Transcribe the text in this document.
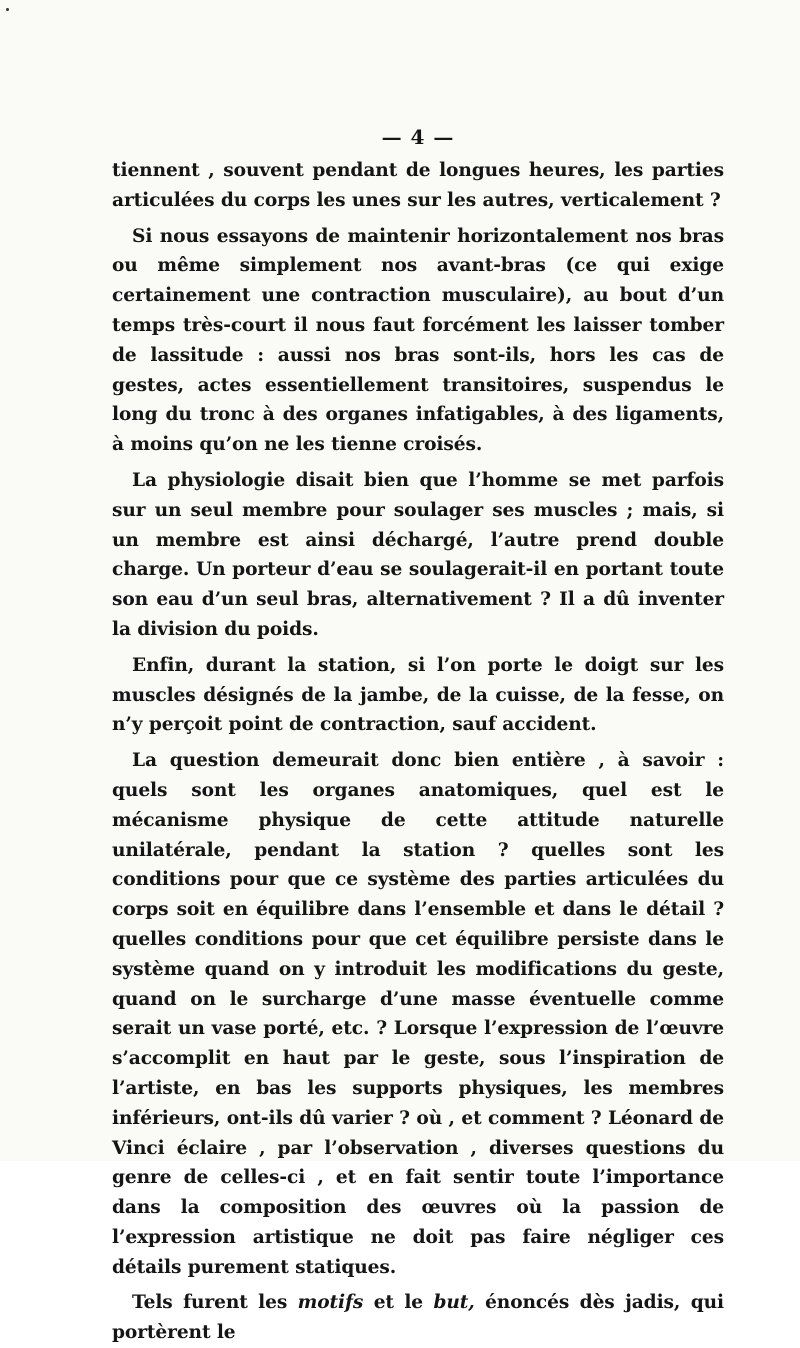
— 4 —

tiennent , souvent pendant de longues heures, les parties articulées du corps les unes sur les autres, verticalement ?

Si nous essayons de maintenir horizontalement nos bras ou même simplement nos avant-bras (ce qui exige certainement une contraction musculaire), au bout d’un temps très-court il nous faut forcément les laisser tomber de lassitude : aussi nos bras sont-ils, hors les cas de gestes, actes essentiellement transitoires, suspendus le long du tronc à des organes infatigables, à des ligaments, à moins qu’on ne les tienne croisés.

La physiologie disait bien que l’homme se met parfois sur un seul membre pour soulager ses muscles ; mais, si un membre est ainsi déchargé, l’autre prend double charge. Un porteur d’eau se soulagerait-il en portant toute son eau d’un seul bras, alternativement ? Il a dû inventer la division du poids.

Enfin, durant la station, si l’on porte le doigt sur les muscles désignés de la jambe, de la cuisse, de la fesse, on n’y perçoit point de contraction, sauf accident.

La question demeurait donc bien entière , à savoir : quels sont les organes anatomiques, quel est le mécanisme physique de cette attitude naturelle unilatérale, pendant la station ? quelles sont les conditions pour que ce système des parties articulées du corps soit en équilibre dans l’ensemble et dans le détail ? quelles conditions pour que cet équilibre persiste dans le système quand on y introduit les modifications du geste, quand on le surcharge d’une masse éventuelle comme serait un vase porté, etc. ? Lorsque l’expression de l’œuvre s’accomplit en haut par le geste, sous l’inspiration de l’artiste, en bas les supports physiques, les membres inférieurs, ont-ils dû varier ? où , et comment ? Léonard de Vinci éclaire , par l’observation , diverses questions du genre de celles-ci , et en fait sentir toute l’importance dans la composition des œuvres où la passion de l’expression artistique ne doit pas faire négliger ces détails purement statiques.

Tels furent les motifs et le but, énoncés dès jadis, qui portèrent le
